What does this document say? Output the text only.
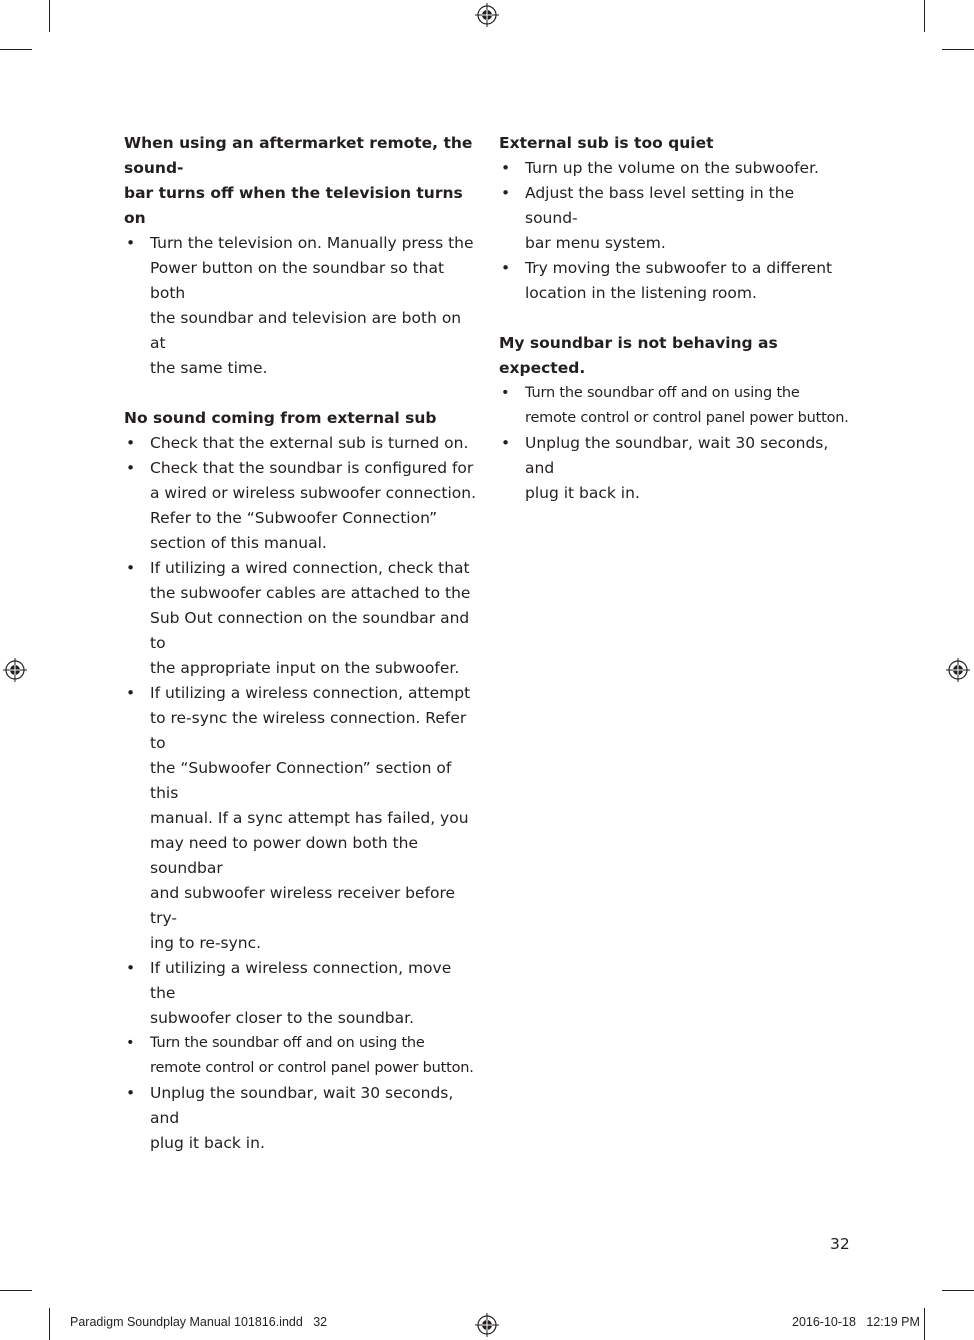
When using an aftermarket remote, the sound-
bar turns off when the television turns on

• Turn the television on. Manually press the
Power button on the soundbar so that both
the soundbar and television are both on at
the same time.

No sound coming from external sub

• Check that the external sub is turned on.
• Check that the soundbar is configured for
a wired or wireless subwoofer connection.
Refer to the “Subwoofer Connection”
section of this manual.
• If utilizing a wired connection, check that
the subwoofer cables are attached to the
Sub Out connection on the soundbar and to
the appropriate input on the subwoofer.
• If utilizing a wireless connection, attempt
to re-sync the wireless connection. Refer to
the “Subwoofer Connection” section of this
manual. If a sync attempt has failed, you
may need to power down both the soundbar
and subwoofer wireless receiver before try-
ing to re-sync.
• If utilizing a wireless connection, move the
subwoofer closer to the soundbar.
• Turn the soundbar off and on using the
remote control or control panel power button.
• Unplug the soundbar, wait 30 seconds, and
plug it back in.

External sub is too quiet

• Turn up the volume on the subwoofer.
• Adjust the bass level setting in the sound-
bar menu system.
• Try moving the subwoofer to a different
location in the listening room.

My soundbar is not behaving as expected.

• Turn the soundbar off and on using the
remote control or control panel power button.
• Unplug the soundbar, wait 30 seconds, and
plug it back in.
32
Paradigm Soundplay Manual 101816.indd   32	2016-10-18   12:19 PM
